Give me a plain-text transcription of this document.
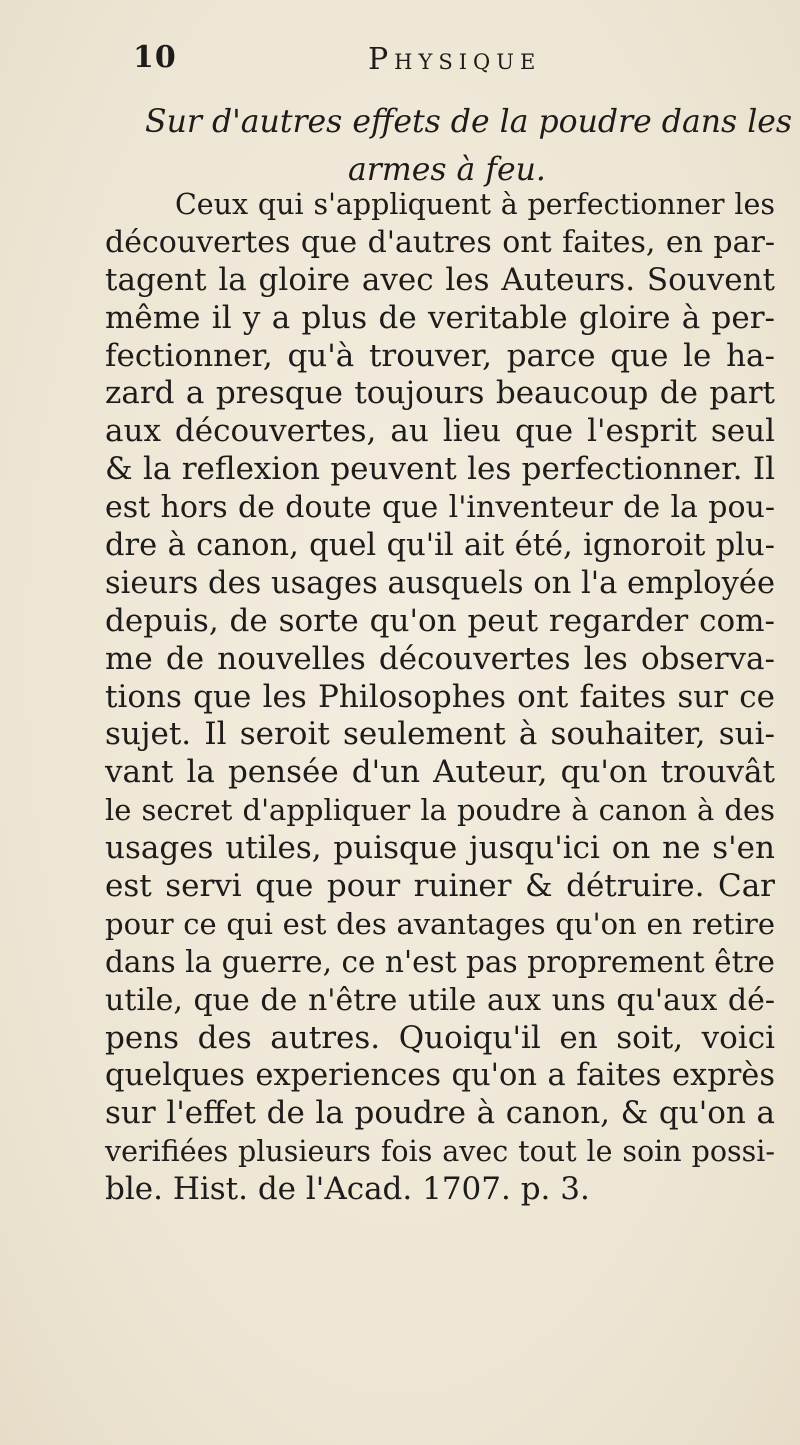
10	Physique
Sur d'autres effets de la poudre dans les
armes à feu.
Ceux qui s'appliquent à perfectionner les
découvertes que d'autres ont faites, en par-
tagent la gloire avec les Auteurs. Souvent
même il y a plus de veritable gloire à per-
fectionner, qu'à trouver, parce que le ha-
zard a presque toujours beaucoup de part
aux découvertes, au lieu que l'esprit seul
& la reflexion peuvent les perfectionner. Il
est hors de doute que l'inventeur de la pou-
dre à canon, quel qu'il ait été, ignoroit plu-
sieurs des usages ausquels on l'a employée
depuis, de sorte qu'on peut regarder com-
me de nouvelles découvertes les observa-
tions que les Philosophes ont faites sur ce
sujet. Il seroit seulement à souhaiter, sui-
vant la pensée d'un Auteur, qu'on trouvât
le secret d'appliquer la poudre à canon à des
usages utiles, puisque jusqu'ici on ne s'en
est servi que pour ruiner & détruire. Car
pour ce qui est des avantages qu'on en retire
dans la guerre, ce n'est pas proprement être
utile, que de n'être utile aux uns qu'aux dé-
pens des autres. Quoiqu'il en soit, voici
quelques experiences qu'on a faites exprès
sur l'effet de la poudre à canon, & qu'on a
verifiées plusieurs fois avec tout le soin possi-
ble. Hist. de l'Acad. 1707. p. 3.
